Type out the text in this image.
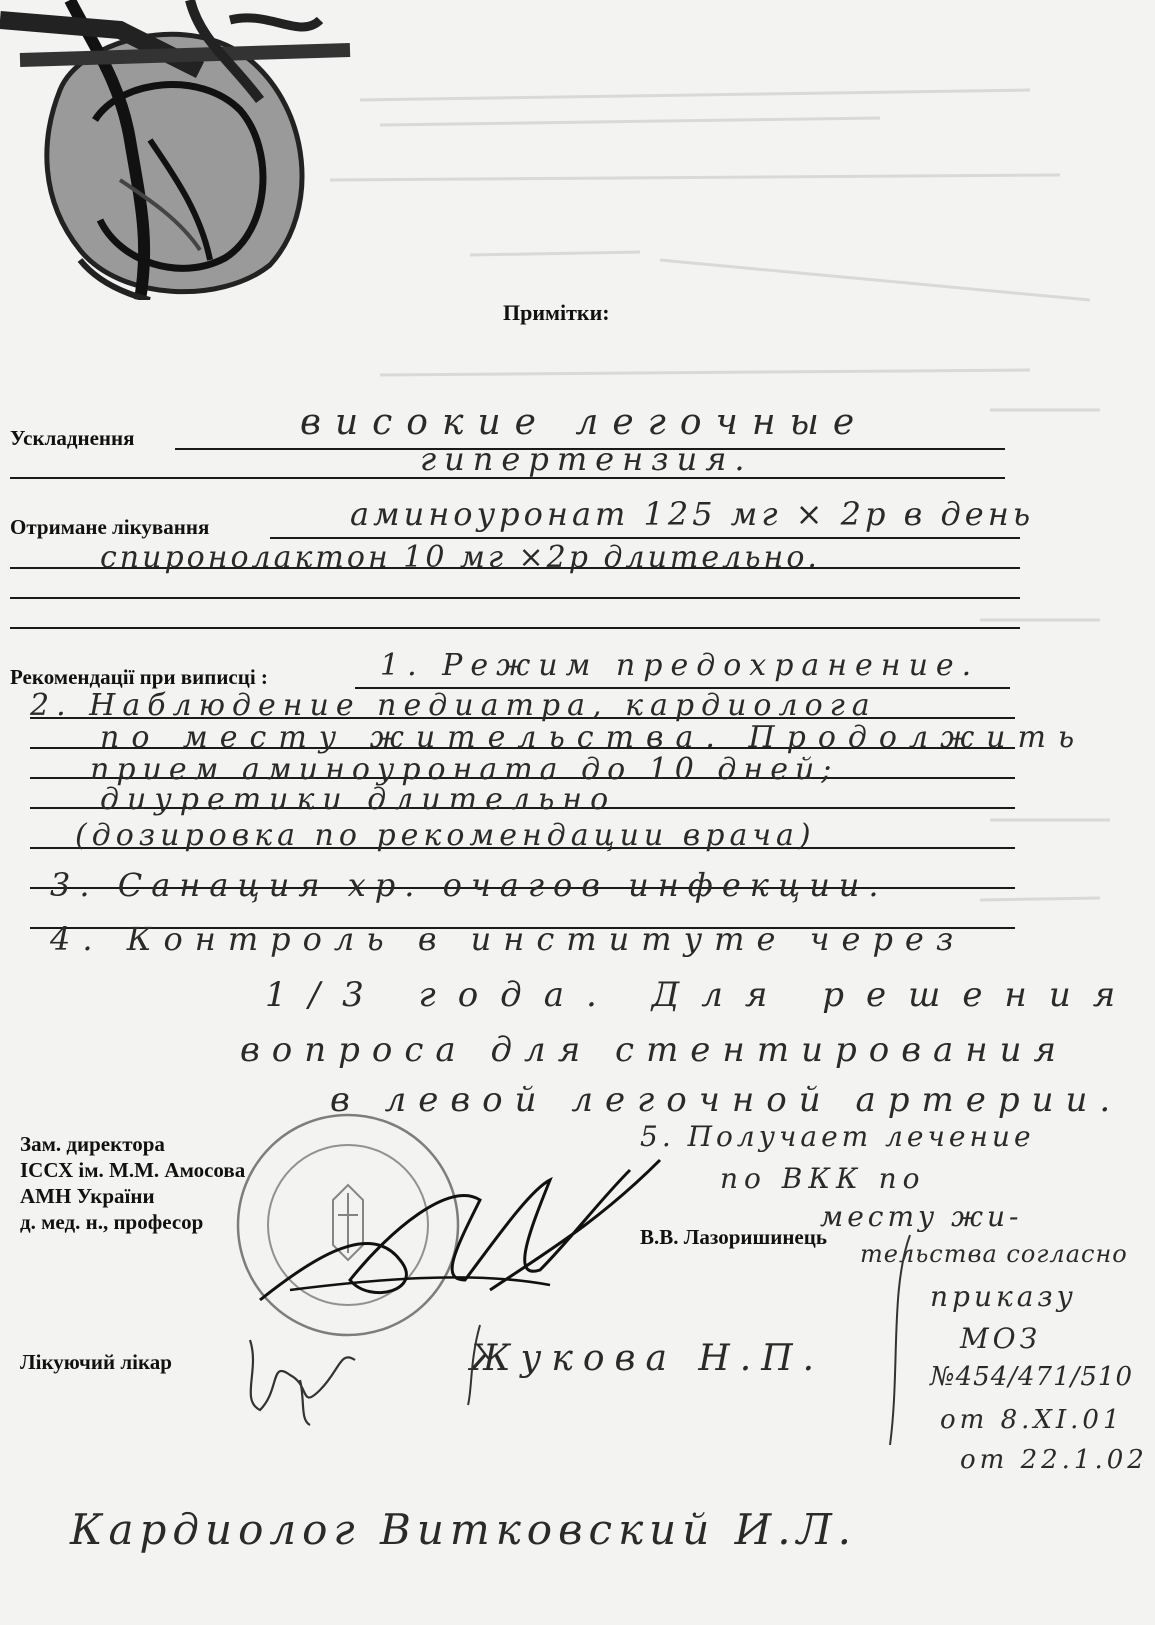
Примітки:
Ускладнення	високие легочные
гипертензия.
Отримане лікування	аминоуронат 125 мг × 2р в день
спиронолактон 10 мг ×2р длительно.
Рекомендації при виписці :	1. Режим предохранение.
2. Наблюдение педиатра, кардиолога
по месту жительства. Продолжить
прием аминоуроната до 10 дней;
диуретики длительно
(дозировка по рекомендации врача)
3. Санация хр. очагов инфекции.
4. Контроль в институте через
1/3 года. Для решения
вопроса для стентирования
в левой легочной артерии.
5. Получает лечение
по ВКК по
месту жи-
тельства согласно
приказу
МОЗ
№454/471/510
от 8.XI.01
от 22.1.02
Зам. директора
ІССХ ім. М.М. Амосова
АМН України
д. мед. н., професор
В.В. Лазоришинець
Лікуючий лікар	Жукова Н.П.
Кардиолог Витковский И.Л.
